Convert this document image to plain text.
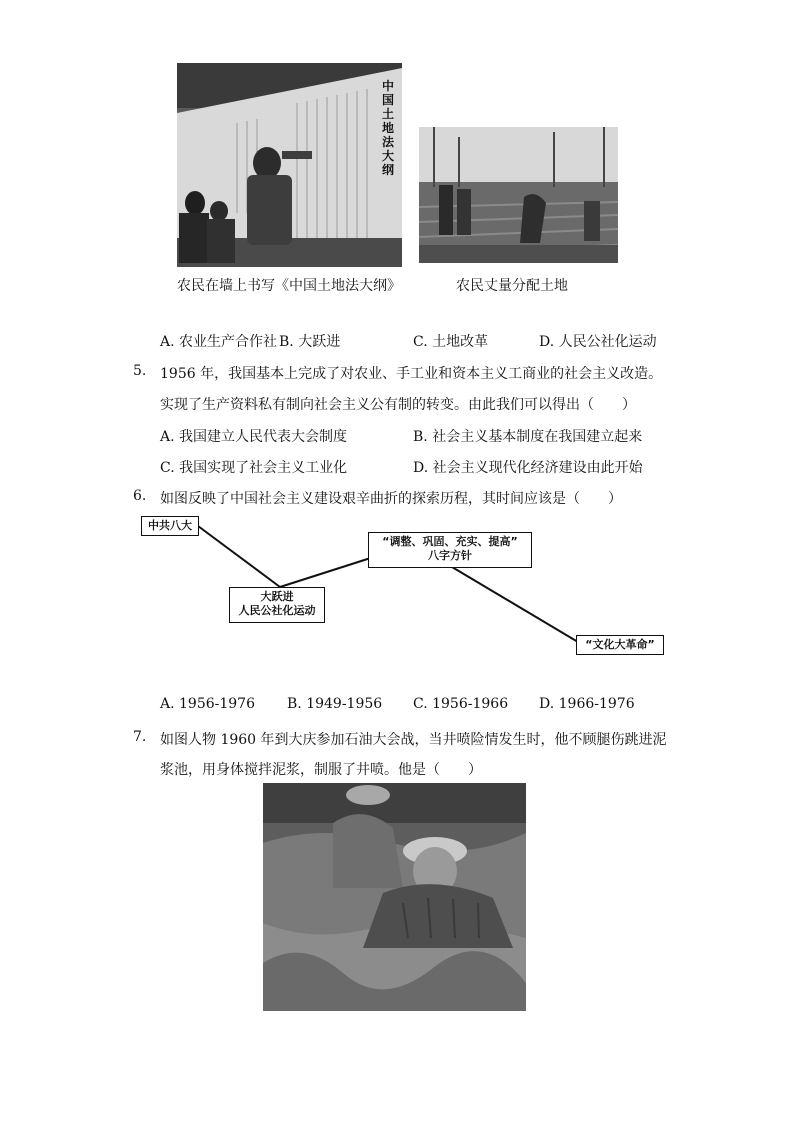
中国土地法大纲
农民在墙上书写《中国土地法大纲》	农民丈量分配土地
A. 农业生产合作社 B. 大跃进	C. 土地改革	D. 人民公社化运动
5. 1956 年，我国基本上完成了对农业、手工业和资本主义工商业的社会主义改造。
实现了生产资料私有制向社会主义公有制的转变。由此我们可以得出（　　）
A. 我国建立人民代表大会制度	B. 社会主义基本制度在我国建立起来
C. 我国实现了社会主义工业化	D. 社会主义现代化经济建设由此开始
6. 如图反映了中国社会主义建设艰辛曲折的探索历程，其时间应该是（　　）
中共八大
大跃进
人民公社化运动
“调整、巩固、充实、提高”
八字方针
“文化大革命”
A. 1956-1976 B. 1949-1956 C. 1956-1966 D. 1966-1976
7. 如图人物 1960 年到大庆参加石油大会战，当井喷险情发生时，他不顾腿伤跳进泥
浆池，用身体搅拌泥浆，制服了井喷。他是（　　）
